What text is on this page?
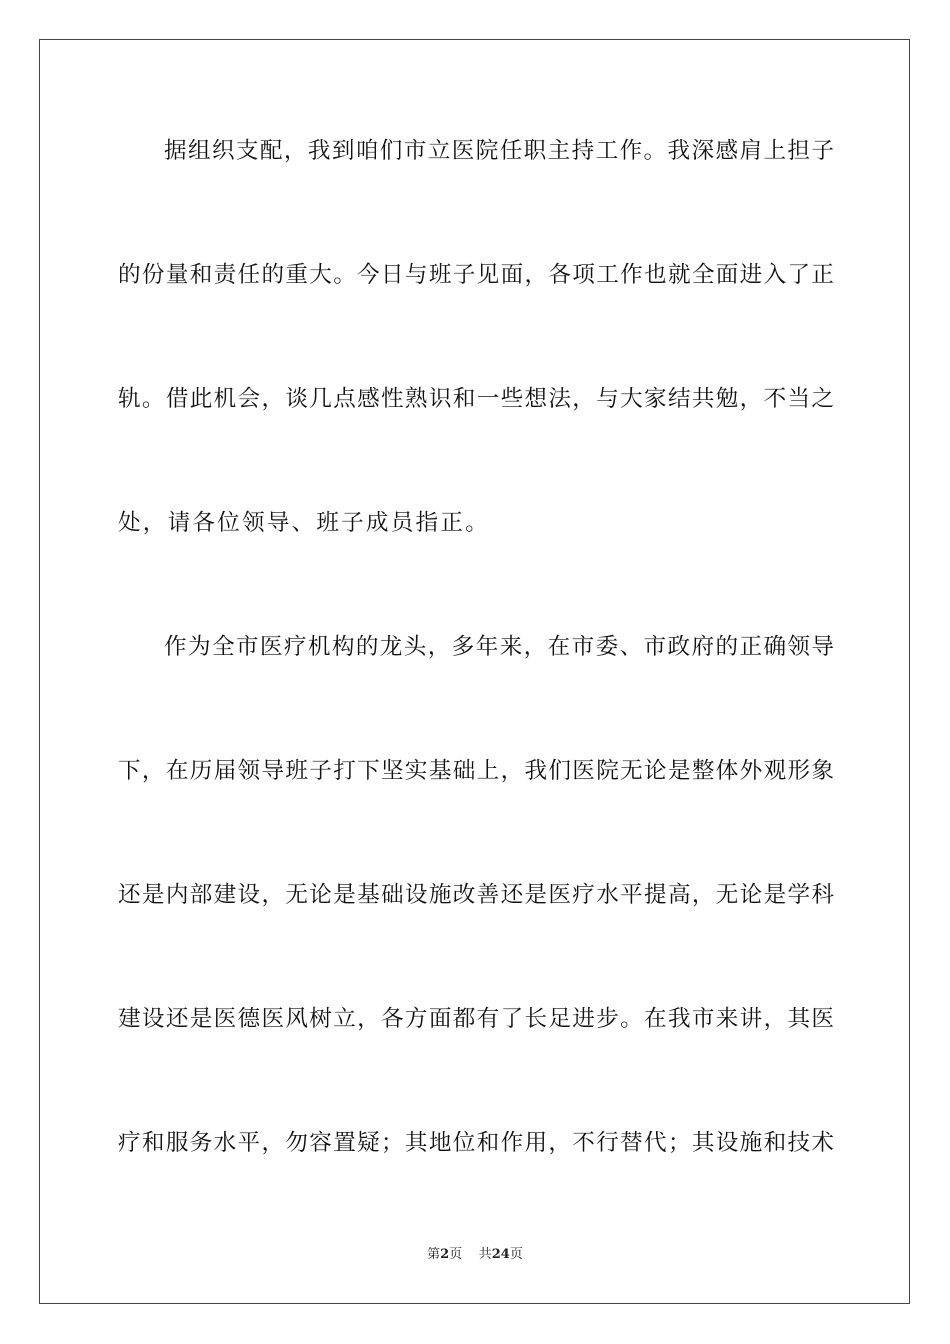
据组织支配，我到咱们市立医院任职主持工作。我深感肩上担子
的份量和责任的重大。今日与班子见面，各项工作也就全面进入了正
轨。借此机会，谈几点感性熟识和一些想法，与大家结共勉，不当之
处，请各位领导、班子成员指正。
作为全市医疗机构的龙头，多年来，在市委、市政府的正确领导
下，在历届领导班子打下坚实基础上，我们医院无论是整体外观形象
还是内部建设，无论是基础设施改善还是医疗水平提高，无论是学科
建设还是医德医风树立，各方面都有了长足进步。在我市来讲，其医
疗和服务水平，勿容置疑；其地位和作用，不行替代；其设施和技术
第2页 共24页
